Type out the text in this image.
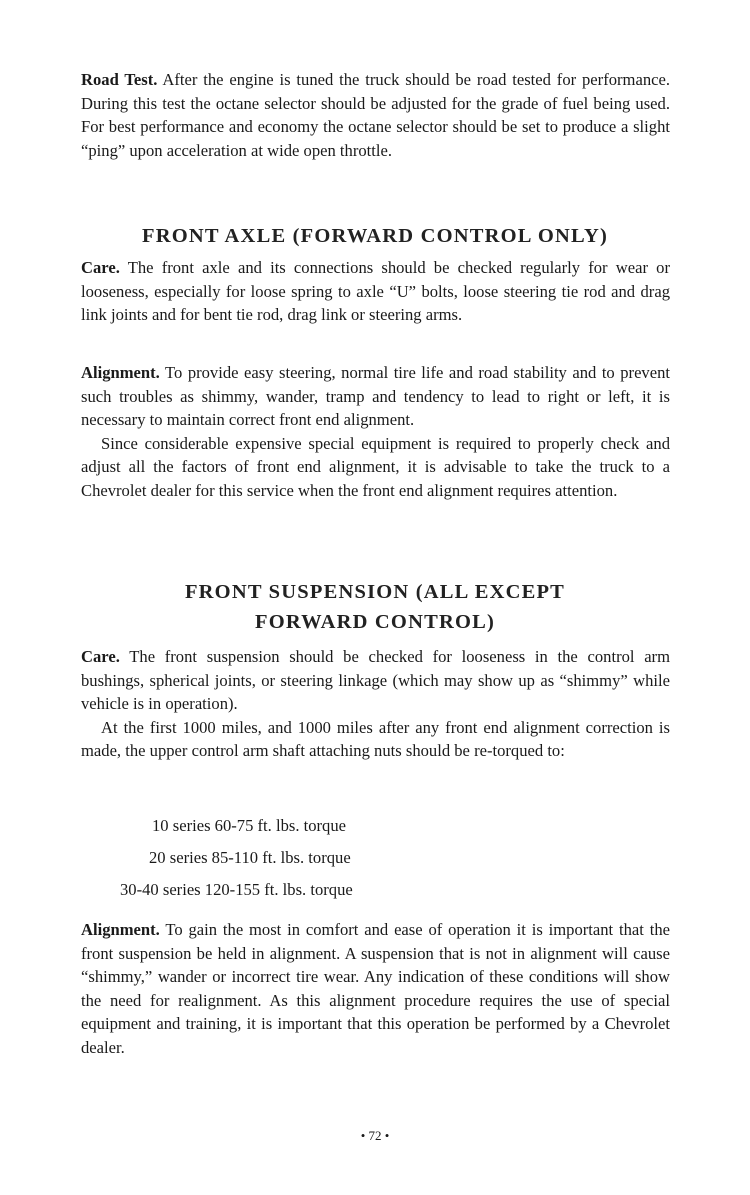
Road Test. After the engine is tuned the truck should be road tested for performance. During this test the octane selector should be adjusted for the grade of fuel being used. For best performance and economy the octane selector should be set to produce a slight “ping” upon acceleration at wide open throttle.

FRONT AXLE (FORWARD CONTROL ONLY)

Care. The front axle and its connections should be checked regularly for wear or looseness, especially for loose spring to axle “U” bolts, loose steering tie rod and drag link joints and for bent tie rod, drag link or steering arms.

Alignment. To provide easy steering, normal tire life and road stability and to prevent such troubles as shimmy, wander, tramp and tendency to lead to right or left, it is necessary to maintain correct front end alignment.

Since considerable expensive special equipment is required to properly check and adjust all the factors of front end alignment, it is advisable to take the truck to a Chevrolet dealer for this service when the front end alignment requires attention.

FRONT SUSPENSION (ALL EXCEPT
FORWARD CONTROL)

Care. The front suspension should be checked for looseness in the control arm bushings, spherical joints, or steering linkage (which may show up as “shimmy” while vehicle is in operation).

At the first 1000 miles, and 1000 miles after any front end alignment correction is made, the upper control arm shaft attaching nuts should be re-torqued to:

10 series 60-75 ft. lbs. torque
20 series 85-110 ft. lbs. torque
30-40 series 120-155 ft. lbs. torque

Alignment. To gain the most in comfort and ease of operation it is important that the front suspension be held in alignment. A suspension that is not in alignment will cause “shimmy,” wander or incorrect tire wear. Any indication of these conditions will show the need for realignment. As this alignment procedure requires the use of special equipment and training, it is important that this operation be performed by a Chevrolet dealer.

• 72 •
